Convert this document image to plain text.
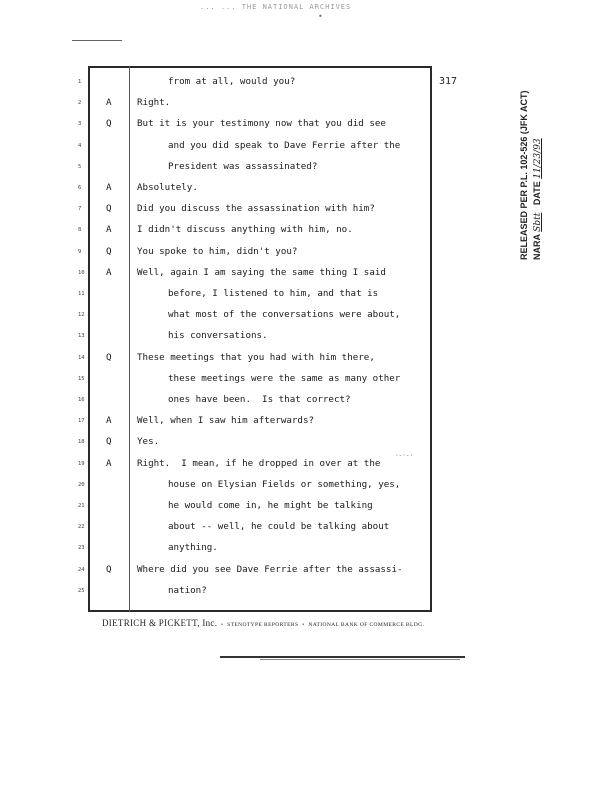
... ... THE NATIONAL ARCHIVES
•
317
1	from at all, would you?
2	A	Right.
3	Q	But it is your testimony now that you did see
4	and you did speak to Dave Ferrie after the
5	President was assassinated?
6	A	Absolutely.
7	Q	Did you discuss the assassination with him?
8	A	I didn't discuss anything with him, no.
9	Q	You spoke to him, didn't you?
10 A	Well, again I am saying the same thing I said
11	before, I listened to him, and that is
12	what most of the conversations were about,
13	his conversations.
14 Q	These meetings that you had with him there,
15	these meetings were the same as many other
16	ones have been.  Is that correct?
17 A	Well, when I saw him afterwards?
18 Q	Yes.
19 A	Right.  I mean, if he dropped in over at the
20	house on Elysian Fields or something, yes,
21	he would come in, he might be talking
22	about -- well, he could be talking about
23	anything.
24 Q	Where did you see Dave Ferrie after the assassi-
25	nation?
·-·-·
DIETRICH & PICKETT, Inc.  •  STENOTYPE REPORTERS  •  NATIONAL BANK OF COMMERCE BLDG.
RELEASED PER P.L. 102-526 (JFK ACT) NARA Sbtt   DATE 11/23/93
